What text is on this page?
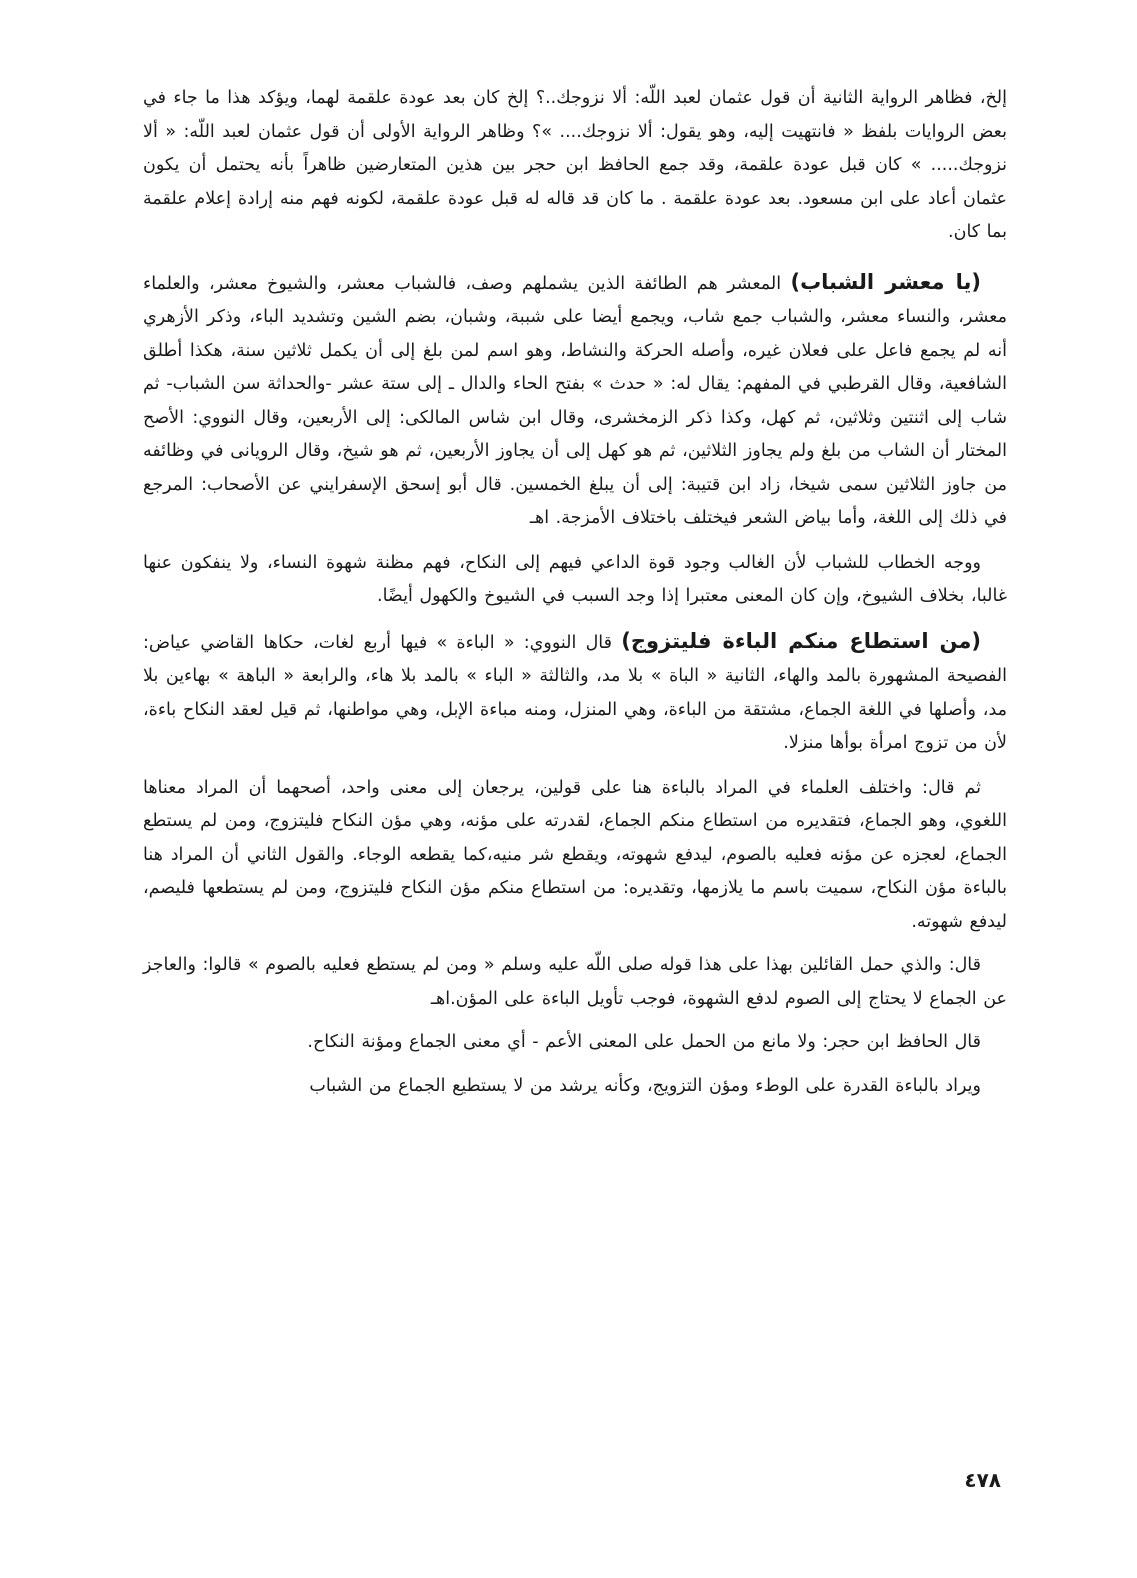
إلخ، فظاهر الرواية الثانية أن قول عثمان لعبد اللّه: ألا نزوجك..؟ إلخ كان بعد عودة علقمة لهما، ويؤكد هذا ما جاء في بعض الروايات بلفظ « فانتهيت إليه، وهو يقول: ألا نزوجك.... »؟ وظاهر الرواية الأولى أن قول عثمان لعبد اللّه: « ألا نزوجك..... » كان قبل عودة علقمة، وقد جمع الحافظ ابن حجر بين هذين المتعارضين ظاهراً بأنه يحتمل أن يكون عثمان أعاد على ابن مسعود. بعد عودة علقمة . ما كان قد قاله له قبل عودة علقمة، لكونه فهم منه إرادة إعلام علقمة بما كان.

(يا معشر الشباب) المعشر هم الطائفة الذين يشملهم وصف، فالشباب معشر، والشيوخ معشر، والعلماء معشر، والنساء معشر، والشباب جمع شاب، ويجمع أيضا على شببة، وشبان، بضم الشين وتشديد الباء، وذكر الأزهري أنه لم يجمع فاعل على فعلان غيره، وأصله الحركة والنشاط، وهو اسم لمن بلغ إلى أن يكمل ثلاثين سنة، هكذا أطلق الشافعية، وقال القرطبي في المفهم: يقال له: « حدث » بفتح الحاء والدال ـ إلى ستة عشر -والحداثة سن الشباب- ثم شاب إلى اثنتين وثلاثين، ثم كهل، وكذا ذكر الزمخشرى، وقال ابن شاس المالكى: إلى الأربعين، وقال النووي: الأصح المختار أن الشاب من بلغ ولم يجاوز الثلاثين، ثم هو كهل إلى أن يجاوز الأربعين، ثم هو شيخ، وقال الرويانى في وظائفه من جاوز الثلاثين سمى شيخا، زاد ابن قتيبة: إلى أن يبلغ الخمسين. قال أبو إسحق الإسفرايني عن الأصحاب: المرجع في ذلك إلى اللغة، وأما بياض الشعر فيختلف باختلاف الأمزجة. اهـ

ووجه الخطاب للشباب لأن الغالب وجود قوة الداعي فيهم إلى النكاح، فهم مظنة شهوة النساء، ولا ينفكون عنها غالبا، بخلاف الشيوخ، وإن كان المعنى معتبرا إذا وجد السبب في الشيوخ والكهول أيضًا.

(من استطاع منكم الباءة فليتزوج) قال النووي: « الباءة » فيها أربع لغات، حكاها القاضي عياض: الفصيحة المشهورة بالمد والهاء، الثانية « الباة » بلا مد، والثالثة « الباء » بالمد بلا هاء، والرابعة « الباهة » بهاءين بلا مد، وأصلها في اللغة الجماع، مشتقة من الباءة، وهي المنزل، ومنه مباءة الإبل، وهي مواطنها، ثم قيل لعقد النكاح باءة، لأن من تزوج امرأة بوأها منزلا.

ثم قال: واختلف العلماء في المراد بالباءة هنا على قولين، يرجعان إلى معنى واحد، أصحهما أن المراد معناها اللغوي، وهو الجماع، فتقديره من استطاع منكم الجماع، لقدرته على مؤنه، وهي مؤن النكاح فليتزوج، ومن لم يستطع الجماع، لعجزه عن مؤنه فعليه بالصوم، ليدفع شهوته، ويقطع شر منيه،كما يقطعه الوجاء. والقول الثاني أن المراد هنا بالباءة مؤن النكاح، سميت باسم ما يلازمها، وتقديره: من استطاع منكم مؤن النكاح فليتزوج، ومن لم يستطعها فليصم، ليدفع شهوته.

قال: والذي حمل القائلين بهذا على هذا قوله صلى اللّه عليه وسلم « ومن لم يستطع فعليه بالصوم » قالوا: والعاجز عن الجماع لا يحتاج إلى الصوم لدفع الشهوة، فوجب تأويل الباءة على المؤن.اهـ

قال الحافظ ابن حجر: ولا مانع من الحمل على المعنى الأعم - أي معنى الجماع ومؤنة النكاح.

ويراد بالباءة القدرة على الوطء ومؤن التزويج، وكأنه يرشد من لا يستطيع الجماع من الشباب

٤٧٨
